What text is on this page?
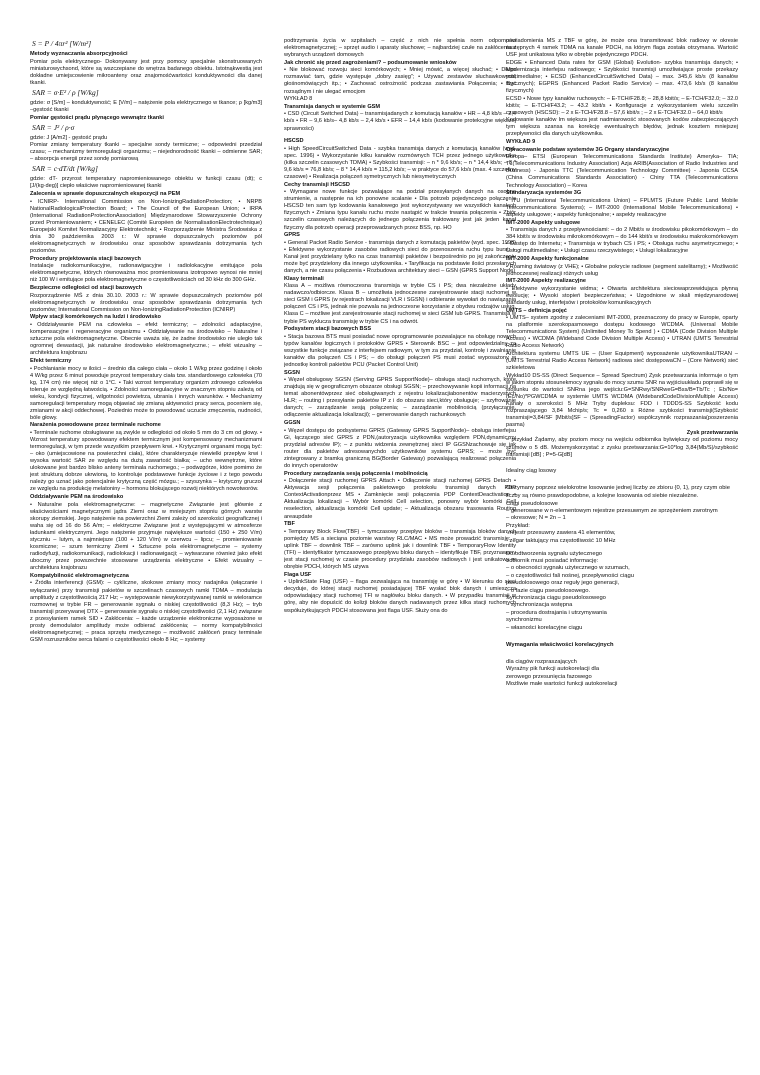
S = P / 4πr² [W/m²]

Metody wyznaczania absorpcyjności

Pomiar pola elektrycznego- Dokonywany jest przy pomocy specjalnie skonstruowanych miniaturowychsond, które są wszczepiane do wnętrza badanego obiektu. Istotnąkwestią jest dokładne umiejscowienie mikroanteny oraz znajomośćwartości konduktywności dla danej tkanki.

SAR = σ·E² / ρ [W/kg]

gdzie: σ [S/m] – konduktywność; E [V/m] – natężenie pola elektrycznego w tkance; ρ [kg/m3] –gęstość tkanki

Pomiar gęstości prądu płynącego wewnątrz tkanki

SAR = J² / ρ·σ

gdzie: J [A/m2] - gęstość prądu

Pomiar zmiany temperatury tkanki – specjalne sondy termiczne; – odpowiedni przedział czasu; – mechanizmy termoregulacji organizmu; – niejednorodność tkanki – odmienne SAR; – absorpcja energii przez sondę pomiarową

SAR = c·dT/dt [W/kg]

gdzie: dT- przyrost temperatury napromieniowanego obiektu w funkcji czasu (dt); c [J/(kg·deg)] ciepło właściwe napromieniowanej tkanki

Zalecenia w sprawie dopuszczalnych ekspozycji na PEM

• ICNIRP- International Commission on Non-IonizingRadiationProtection; • NRPB NationalRadiologicalProtection Board; • The Council of the European Union; • IRPA (International RadiationProtectionAssociation) Międzynarodowe Stowarzyszenie Ochrony przed Promieniowaniem; • CENELEC (Comité Européen de NormalisationElectrotechnique) Europejski Komitet Normalizacyjny Elektrotechniki; • Rozporządzenie Ministra Środowiska z dnia 30 października 2003 r.: W sprawie dopuszczalnych poziomów pól elektromagnetycznych w środowisku oraz sposobów sprawdzania dotrzymania tych poziomów.

Procedury projektowania stacji bazowych

Instalacje radiokomunikacyjne, radionawigacyjne i radiolokacyjne emitujące pola elektromagnetyczne, których równoważna moc promieniowana izotropowo wynosi nie mniej niż 100 W i emitujące pola elektromagnetyczne o częstotliwościach od 30 kHz do 300 GHz.

Bezpieczne odległości od stacji bazowych

Rozporządzenie MŚ z dnia 30.10. 2003 r.: W sprawie dopuszczalnych poziomów pól elektromagnetycznych w środowisku oraz sposobów sprawdzania dotrzymania tych poziomów; International Commission on Non-IonizingRadiationProtection (ICNIRP)

Wpływ stacji komórkowych na ludzi i środowisko

• Oddziaływanie PEM na człowieka – efekt termiczny; – zdolności adaptacyjne, kompensacyjne i regeneracyjne organizmu • Oddziaływanie na środowisko – Naturalne i sztuczne pola elektromagnetyczne. Obecnie uważa się, że żadne środowisko nie uległo tak ogromnej dewastacji, jak naturalne środowisko elektromagnetyczne.; – efekt wizualny – architektura krajobrazu

Efekt termiczny

• Pochłanianie mocy w ilości – średnio dla całego ciała – około 1 W/kg przez godzinę i około 4 W/kg przez 6 minut powoduje przyrost temperatury ciała tzw. standardowego człowieka (70 kg, 174 cm) nie więcej niż o 1°C. • Taki wzrost temperatury organizm zdrowego człowieka toleruje ze względną łatwością. • Zdolności samoregulacyjne w znacznym stopniu zależą od wieku, kondycji fizycznej, wilgotności powietrza, ubrania i innych warunków. • Mechanizmy samoregulacji temperatury mogą objawiać się zmianą aktywności pracy serca, poceniem się, zmianami w akcji oddechowej. Poziednio może to powodować uczucie zmęczenia, nudności, bóle głowy.

Narażenia powodowane przez terminale ruchome

• Terminale ruchome obsługiwane są zwykle w odległości od około 5 mm do 3 cm od głowy. • Wzrost temperatury spowodowany efektem termicznym jest kompensowany mechanizmami termoregulacji, w tym przede wszystkim przepływem krwi. • Krytycznymi organami mogą być: – oko (umiejscowione na powierzchni ciała), które charakteryzuje niewielki przepływ krwi i wysoka wartość SAR ze względu na dużą zawartość białka; – ucho wewnętrzne, które ulokowane jest bardzo blisko anteny terminala ruchomego.; – podwzgórze, które pomimo że jest strukturą dobrze ukrwioną, to kontroluje podstawowe funkcje życiowe i z tego powodu należy go uznać jako potencjalnie krytyczną część mózgu.; – szyszynka – krytyczny gruczoł ze względu na produkcję melatoniny – hormonu blokującego rozwój niektórych nowotworów.

Oddziaływanie PEM na środowisko

• Naturalne pola elektromagnetyczne: – magnetyczne Związanie jest głównie z właściwościami magnetycznymi jądra Ziemi oraz w mniejszym stopniu górnych warstw skorupy ziemskiej. Jego natężenie na powierzchni Ziemi zależy od szerokości geograficznej i waha się od 16 do 56 A/m; – elektryczne Związane jest z występującymi w atmosferze ładunkami elektrycznymi. Jego natężenie przyjmuje największe wartości (150 + 250 V/m) styczniu – lutym, a najmniejsze (100 + 120 V/m) w czerwcu – lipcu; – promieniowanie kosmiczne; – szum termiczny Ziemi • Sztuczne pola elektromagnetyczne – systemy radiodyfuzji, radiokomunikacji, radiolokacji i radionawigacji; – wytwarzane również jako efekt uboczny przez powszechnie stosowane urządzenia elektryczne • Efekt wizualny – architektura krajobrazu

Kompatybilność elektromagnetyczna

• Źródła interferencji (GSM): – cykliczne, skokowe zmiany mocy nadajnika (włączanie i wyłączanie) przy transmisji pakietów w szczelinach czasowych ramki TDMA – modulacja amplitudy z częstotliwością 217 Hz; – występowanie niewykorzystywanej ramki w wieloramce rozmownej w trybie FR – generowanie sygnału o niskiej częstotliwości (8,3 Hz); – tryb transmisji przerywanej DTX – generowanie sygnału o niskiej częstotliwości (2,1 Hz) związane z przesyłaniem ramek SID • Zakłócenia: – każde urządzenie elektroniczne wyposażone w prosty demodulator amplitudy może odbierać zakłócenia; – normy kompatybilności elektromagnetycznej; – praca sprzętu medycznego – możliwość zakłóceń pracy terminale GSM rozruszników serca falami o częstotliwości około 8 Hz; – systemy

podtrzymania życia w szpitalach – część z nich nie spełnia norm odporności elektromagnetycznej; – sprzęt audio i aparaty słuchowe; – najbardziej czułe na zakłócenia z wybranych urządzeń domowych

Jak chronić się przed zagrożeniami? – podsumowanie wniosków

• Nie blokować rozwoju sieci komórkowych; • Mniej mówić, a więcej słuchać; • Długo rozmawiać tam, gdzie występuje „dobry zasięg”; • Używać zestawów słuchawkowych, głośnomówiących itp.; • Zachować ostrożność podczas zastawiania Połączenia; • Być rozsądnym i nie ulegać emocjom

WYKŁAD 8

Transmisja danych w systemie GSM

• CSD (Circuit Switched Data) – transmisjadanych z komutacją kanałów • HR – 4,8 kb/s – 2,4 kb/s • FR – 9,6 kb/s– 4,8 kb/s – 2,4 kb/s • EFR – 14,4 kb/s (kodowanie protekcyjne większej sprawności)

HSCSD

• High SpeedCircuitSwitched Data - szybka transmisja danych z komutacją kanałów (wyd. spec. 1996) • Wykorzystanie kilku kanałów rozmównych TCH przez jednego użytkownika (kilka szczelin czasowych TDMA) • Szybkości transmisji: – n * 9,6 kb/s; – n * 14,4 kb/s; – 8 * 9,6 kb/s = 76,8 kb/s; – 8 * 14,4 kb/s = 115,2 kb/s; – w praktyce do 57,6 kb/s (max. 4 szczeliny czasowe) • Realizacja połączeń symetrycznych lub niesymetrycznych

Cechy transmisji HSCSD

• Wymagane nowe funkcje pozwalające na podział przesyłanych danych na osobne strumienie, a następnie na ich ponowne scalanie • Dla potrzeb pojedynczego połączenia HSCSD ten sam typ kodowania kanałowego jest wykorzystywany we wszystkich kanałach fizycznych • Zmiana typu kanału ruchu może nastąpić w trakcie trwania połączenia • Zbiór szczelin czasowych należących do jednego połączenia traktowany jest jak jeden kanał fizyczny dla potrzeb operacji przeprowadzanych przez BSS, np. HO

GPRS

• General Packet Radio Service - transmisja danych z komutacją pakietów (wyd. spec. 1998) • Efektywne wykorzystanie zasobów radiowych sieci do przenoszenia ruchu typu burst; – Kanał jest przydzielany tylko na czas transmisji pakietów i bezpośrednio po jej zakończeniu może być przydzielony dla innego użytkownika. • Taryfikacja na podstawie ilości przesłanych danych, a nie czasu połączenia • Rozbudowa architektury sieci – GSN (GPRS Support Node)

Klasy terminali

Klasa A – możliwa równoczesna transmisja w trybie CS i PS; dwa niezależne układy nadawczo/odbiorcze. Klasa B – umożliwia jednoczesne zarejestrowanie stacji ruchomej w sieci GSM i GPRS (w rejestrach lokalizacji VLR i SGSN) i odbieranie wywołań do nawiązania połączeń CS i PS, jednak nie pozwala na jednoczesne korzystanie z obydwu rodzajów usług. Klasa C – możliwe jest zarejestrowanie stacji ruchomej w sieci GSM lub GPRS. Transmisja w trybie PS wyklucza transmisję w trybie CS i na odwrót.

Podsystem stacji bazowych BSS

• Stacja bazowa BTS musi posiadać nowe oprogramowanie pozwalające na obsługę nowych typów kanałów logicznych i protokołów GPRS • Sterownik BSC – jest odpowiedzialny za wszystkie funkcje związane z interfejsem radiowym, w tym za przydział, kontrolę i zwalnianie kanałów dla połączeń CS i PS; – do obsługi połączeń PS musi zostać wyposażony w jednostkę kontroli pakietów PCU (Packet Control Unit)

SGSN

• Węzeł obsługowy SGSN (Serving GPRS SupportNode)– obsługa stacji ruchomych, które znajdują się w geograficznym obszarze obsługi SGSN; – przechowywanie kopii informacji na temat abonentówprzez sieć obsługiwanych z rejestru lokalizacjiabonentów macierzystych HLR; – routing i przesyłanie pakietów IP z i do obszaru sieci,który obsługuje; – szyfrowanie danych; – zarządzanie sesją połączenia; – zarządzanie mobilnością (przyłączanie, odłączenie aktualizacja lokalizacji); – generowanie danych rachunkowych

GGSN

• Węzeł dostępu do podsystemu GPRS (Gateway GPRS SupportNode)– obsługa interfejsu Gi, łączącego sieć GPRS z PDN,(autoryzacja użytkownika względem PDN,dynamiczny przydział adresów IP); – z punktu widzenia zewnętrznej sieci IP GGSNzachowuje się jak router dla pakietów adresowanychdo użytkowników systemu GPRS; – może być zintegrowany z bramką graniczną BG(Border Gateway) pozwalającą realizować połączenia do innych operatorów

Procedury zarządzania sesją połączenia i mobilnością

• Dołączenie stacji ruchomej GPRS Attach • Odłączenie stacji ruchomej GPRS Detach • Aktywacja sesji połączenia pakietowego protokołu transmisji danych PDP ContextActivationprzez MS • Zamknięcie sesji połączenia PDP ContextDeactivation • Aktualizacja lokalizacji – Wybór komórki Cell selection, ponowny wybór komórki Cell reselection, aktualizacja komórki Cell update; – Aktualizacja obszaru trasowania Routing areaupdate

TBF

• Temporary Block Flow(TBF) – tymczasowy przepływ bloków – transmisja bloków danych pomiędzy MS a sieciąna poziomie warstwy RLC/MAC • MS może prowadzić transmisję: – uplink TBF – downlink TBF – zarówno uplink jak i downlink TBF • TemporaryFlow Identity (TFI) – identyfikator tymczasowego przepływu bloku danych – identyfikuje TBF, przyznawany jest stacji ruchomej w czasie procedury przydziału zasobów radiowych i jest unikatowy w obrębie PDCH, których MS używa

Flaga USF

• UplinkState Flag (USF) – flaga zezwalająca na transmisję w górę • W kierunku do sieci decyduje, do której stacji ruchomej posiadającej TBF wysłać blok danych i umieszcza odpowiadający stacji ruchomej TFI w nagłówku bloku danych. • W przypadku transmisji w górę, aby nie dopuścić do kolizji bloków danych nadawanych przez kilka stacji ruchomych współużytkujących PDCH stosowana jest flaga USF. Służy ona do

powiadomienia MS z TBF w górę, że może ona transmitować blok radiowy w okresie następnych 4 ramek TDMA na kanale PDCH, na którym flaga została otrzymana. Wartość USF jest unikatowa tylko w obrębie pojedynczego PDCH.

EDGE • Enhanced Data rates for GSM (Global) Evolution- szybka transmisja danych; • Modernizacja interfejsu radiowego; • Szybkości transmisji umożliwiające proste przekazy multimedialne; • ECSD (EnhancedCircuitSwitched Data) – max. 345,6 kb/s (8 kanałów fizycznych); EGPRS (Enhanced Packet Radio Service) – max. 473,6 kb/s (8 kanałów fizycznych)

ECSD • Nowe typy kanałów ruchowych: – E-TCH/F28.8; – 28,8 kbit/s; – E-TCH/F32.0; – 32.0 kbit/s; – E-TCH/F43.2; – 43.2 kbit/s • Konfiguracje z wykorzystaniem wielu szczelin czasowych (HSCSD): – 2 x E-TCH/F28.8 – 57,6 kbit/s ; – 2 x E-TCH/F32.0 – 64,0 kbit/s

Kodowanie kanałów Im większa jest nadmiarowość stosowanych kodów zabezpieczających tym większa szansa na korekcję ewentualnych błędów, jednak kosztem mniejszej przepływności dla danych użytkownika.

WYKŁAD 9

Opracowanie podstaw systemów 3G Organy standaryzacyjne

Europa– ETSI (European Telecommunications Standards Institute) Ameryka– TIA; T1(Telecommunications Industry Association) Azja ARIB(Association of Radio Industries and Business) - Japonia TTC (Telecommunication Technology Committee) - Japonia CCSA (China Communications Standards Association) - Chiny TTA (Telecommunications Technology Association) – Korea

Standaryzacja systemów 3G

• ITU (International Telecommunications Union) – FPLMTS (Future Public Land Mobile Telecommunications Systems); – IMT-2000 (International Mobile Telecommunications) • aspekty usługowe; • aspekty funkcjonalne; • aspekty realizacyjne

IMT-2000 Aspekty usługowe

• Transmisja danych z przepływnościami: – do 2 Mbit/s w środowisku pikokomórkowym – do 384 kbit/s w środowisku mikrokomórkowym – do 144 kbit/s w środowisku makrokomórkowym • Dostęp do Internetu; • Transmisja w trybach CS i PS; • Obsługa ruchu asymetrycznego; • Usługi multimedialne; • Usługi czasu rzeczywistego; • Usługi lokalizacyjne

IMT-2000 Aspekty funkcjonalne

• Roaming światowy (z VHE); • Globalne pokrycie radiowe (segment satelitarny); • Możliwość jednoczesnej realizacji różnych usług

IMT-2000 Aspekty realizacyjne

• Efektywne wykorzystanie widma; • Otwarta architektura sieciowaprzewidująca płynną ewolucję; • Wysoki stopień bezpieczeństwa; • Uzgodnione w skali międzynarodowej standardy usług, interfejsów i protokołów komunikacyjnych

UMTS – definicja pojęć

• UMTS– system zgodny z zaleceniami IMT-2000, przeznaczony do pracy w Europie, oparty na platformie szerokopasmowego dostępu kodowego WCDMA. (Universal Mobile Telecommunications System) (Unlimited Money To Spend ) • CDMA (Code Division Multiple Access) • WCDMA (Wideband Code Division Multiple Access) • UTRAN (UMTS Terrestrial Radio Access Network)

Architektura systemu UMTS UE – (User Equipment) wyposażenie użytkownikaUTRAN – (UMTS Terrestrial Radio Access Network) radiowa sieć dostępowaCN – (Core Network) sieć szkieletowa

Wykład10 DS-SS (Direct Sequence – Spread Spectrum) Zysk przetwarzania informuje o tym w jakim stopniu stosunekmocy sygnału do mocy szumu SNR na wyjściuukładu poprawił się w stosunku do wartości SNRna jego wejściu:G=SNRwy/SNRweG=Bss/B=Tb/Tc ; Eb/No=(Ec/No)*PGWCDMA w systemie UMTS WCDMA (WidebandCodeDivisionMultiple Access) Kanały o szerokości 5 MHz Tryby dupleksu: FDD i TDDDS-SS Szybkość kodu rozpraszającego 3,84 Mchip/s; Tc = 0,260 s Różne szybkości transmisji(Szybkość transmisji=3,84/SF [Mbit/s]SF – (SpreadingFactor) współczynnik rozpraszania(poszerzenia pasma)

Zysk przetwarzania

– przykład Żądamy, aby poziom mocy na wejściu odbiornika bylwiększy od poziomu mocy szumów o 5 dB. Możemyskorzystać z zysku przetwarzania:G=10*log 3,84(Mb/S)/szybkość transmisji [dB] ; P=5-G[dB]

Idealny ciąg losowy

Otrzymany poprzez wielokrotne losowanie jednej liczby ze zbioru {0, 1}, przy czym obie liczby są równo prawdopodobne, a kolejne losowania od siebie niezależne.

Ciągi pseudolosowe
– generowane w n-elementowym rejestrze przesuwnym ze sprzężeniem zwrotnym
– okresowe; N = 2n – 1
Przykład:
- rejestr przesuwny zawiera 41 elementów,
- zegar taktujący ma częstotliwość 10 MHz

Do odtworzenia sygnału użytecznego
odbiornik musi posiadać informację:
– o obecności sygnału użytecznego w szumach,
– o częstotliwości fali nośnej, przepływności ciągu
pseudolosowego oraz reguły jego generacji,
– o fazie ciągu pseudolosowego.
Synchronizacja ciągu pseudolosowego
– synchronizacja wstępna
– procedura dostrajania i utrzymywania
synchronizmu
– własności korelacyjne ciągu

Wymagania właściwości korelacyjnych

dla ciągów rozpraszających
Wyraźny pik funkcji autokorelacji dla
zerowego przesunięcia fazowego
Możliwie małe wartości funkcji autokorelacji
